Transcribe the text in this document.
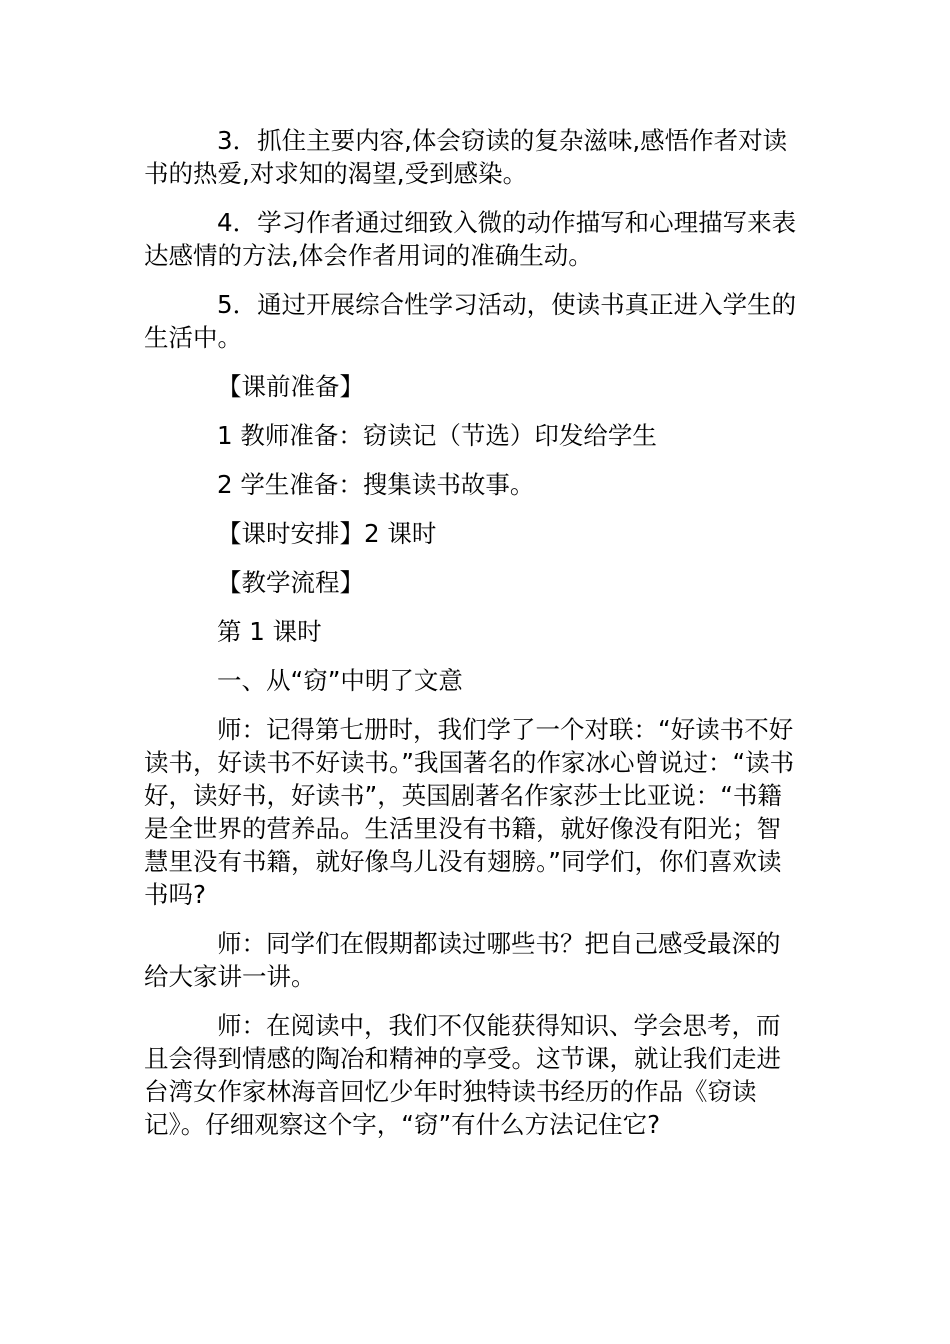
3．抓住主要内容,体会窃读的复杂滋味,感悟作者对读书的热爱,对求知的渴望,受到感染。

4．学习作者通过细致入微的动作描写和心理描写来表达感情的方法,体会作者用词的准确生动。

5．通过开展综合性学习活动，使读书真正进入学生的生活中。

【课前准备】

1 教师准备：窃读记（节选）印发给学生

2 学生准备：搜集读书故事。

【课时安排】2 课时

【教学流程】

第 1 课时

一、从“窃”中明了文意

师：记得第七册时，我们学了一个对联：“好读书不好读书，好读书不好读书。”我国著名的作家冰心曾说过：“读书好，读好书，好读书”，英国剧著名作家莎士比亚说：“书籍是全世界的营养品。生活里没有书籍，就好像没有阳光；智慧里没有书籍，就好像鸟儿没有翅膀。”同学们，你们喜欢读书吗?

师：同学们在假期都读过哪些书？把自己感受最深的给大家讲一讲。

师：在阅读中，我们不仅能获得知识、学会思考，而且会得到情感的陶冶和精神的享受。这节课，就让我们走进台湾女作家林海音回忆少年时独特读书经历的作品《窃读记》。仔细观察这个字，“窃”有什么方法记住它?
